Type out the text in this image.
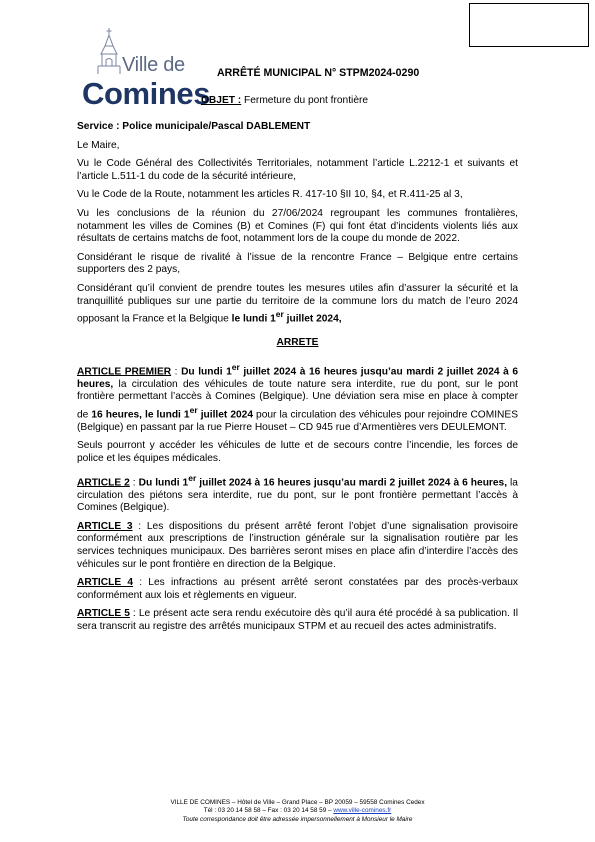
Ville de
Comines
ARRÊTÉ MUNICIPAL N° STPM2024-0290
OBJET : Fermeture du pont frontière

Service : Police municipale/Pascal DABLEMENT

Le Maire,

Vu le Code Général des Collectivités Territoriales, notamment l’article L.2212-1 et suivants et l’article L.511-1 du code de la sécurité intérieure,

Vu le Code de la Route, notamment les articles R. 417-10 §II 10, §4, et R.411-25 al 3,

Vu les conclusions de la réunion du 27/06/2024 regroupant les communes frontalières, notamment les villes de Comines (B) et Comines (F) qui font état d’incidents violents liés aux résultats de certains matchs de foot, notamment lors de la coupe du monde de 2022.

Considérant le risque de rivalité à l’issue de la rencontre France – Belgique entre certains supporters des 2 pays,

Considérant qu’il convient de prendre toutes les mesures utiles afin d’assurer la sécurité et la tranquillité publiques sur une partie du territoire de la commune lors du match de l’euro 2024 opposant la France et la Belgique le lundi 1er juillet 2024,

ARRETE

ARTICLE PREMIER : Du lundi 1er juillet 2024 à 16 heures jusqu’au mardi 2 juillet 2024 à 6 heures, la circulation des véhicules de toute nature sera interdite, rue du pont, sur le pont frontière permettant l’accès à Comines (Belgique). Une déviation sera mise en place à compter de 16 heures, le lundi 1er juillet 2024 pour la circulation des véhicules pour rejoindre COMINES (Belgique) en passant par la rue Pierre Houset – CD 945 rue d’Armentières vers DEULEMONT.

Seuls pourront y accéder les véhicules de lutte et de secours contre l’incendie, les forces de police et les équipes médicales.

ARTICLE 2 : Du lundi 1er juillet 2024 à 16 heures jusqu’au mardi 2 juillet 2024 à 6 heures, la circulation des piétons sera interdite, rue du pont, sur le pont frontière permettant l’accès à Comines (Belgique).

ARTICLE 3 : Les dispositions du présent arrêté feront l’objet d’une signalisation provisoire conformément aux prescriptions de l’instruction générale sur la signalisation routière par les services techniques municipaux. Des barrières seront mises en place afin d’interdire l’accès des véhicules sur le pont frontière en direction de la Belgique.

ARTICLE 4 : Les infractions au présent arrêté seront constatées par des procès-verbaux conformément aux lois et règlements en vigueur.

ARTICLE 5 : Le présent acte sera rendu exécutoire dès qu’il aura été procédé à sa publication. Il sera transcrit au registre des arrêtés municipaux STPM et au recueil des actes administratifs.

VILLE DE COMINES – Hôtel de Ville – Grand Place – BP 20059 – 59558 Comines Cedex
Tél : 03 20 14 58 58 – Fax : 03 20 14 58 59 – www.ville-comines.fr
Toute correspondance doit être adressée impersonnellement à Monsieur le Maire
